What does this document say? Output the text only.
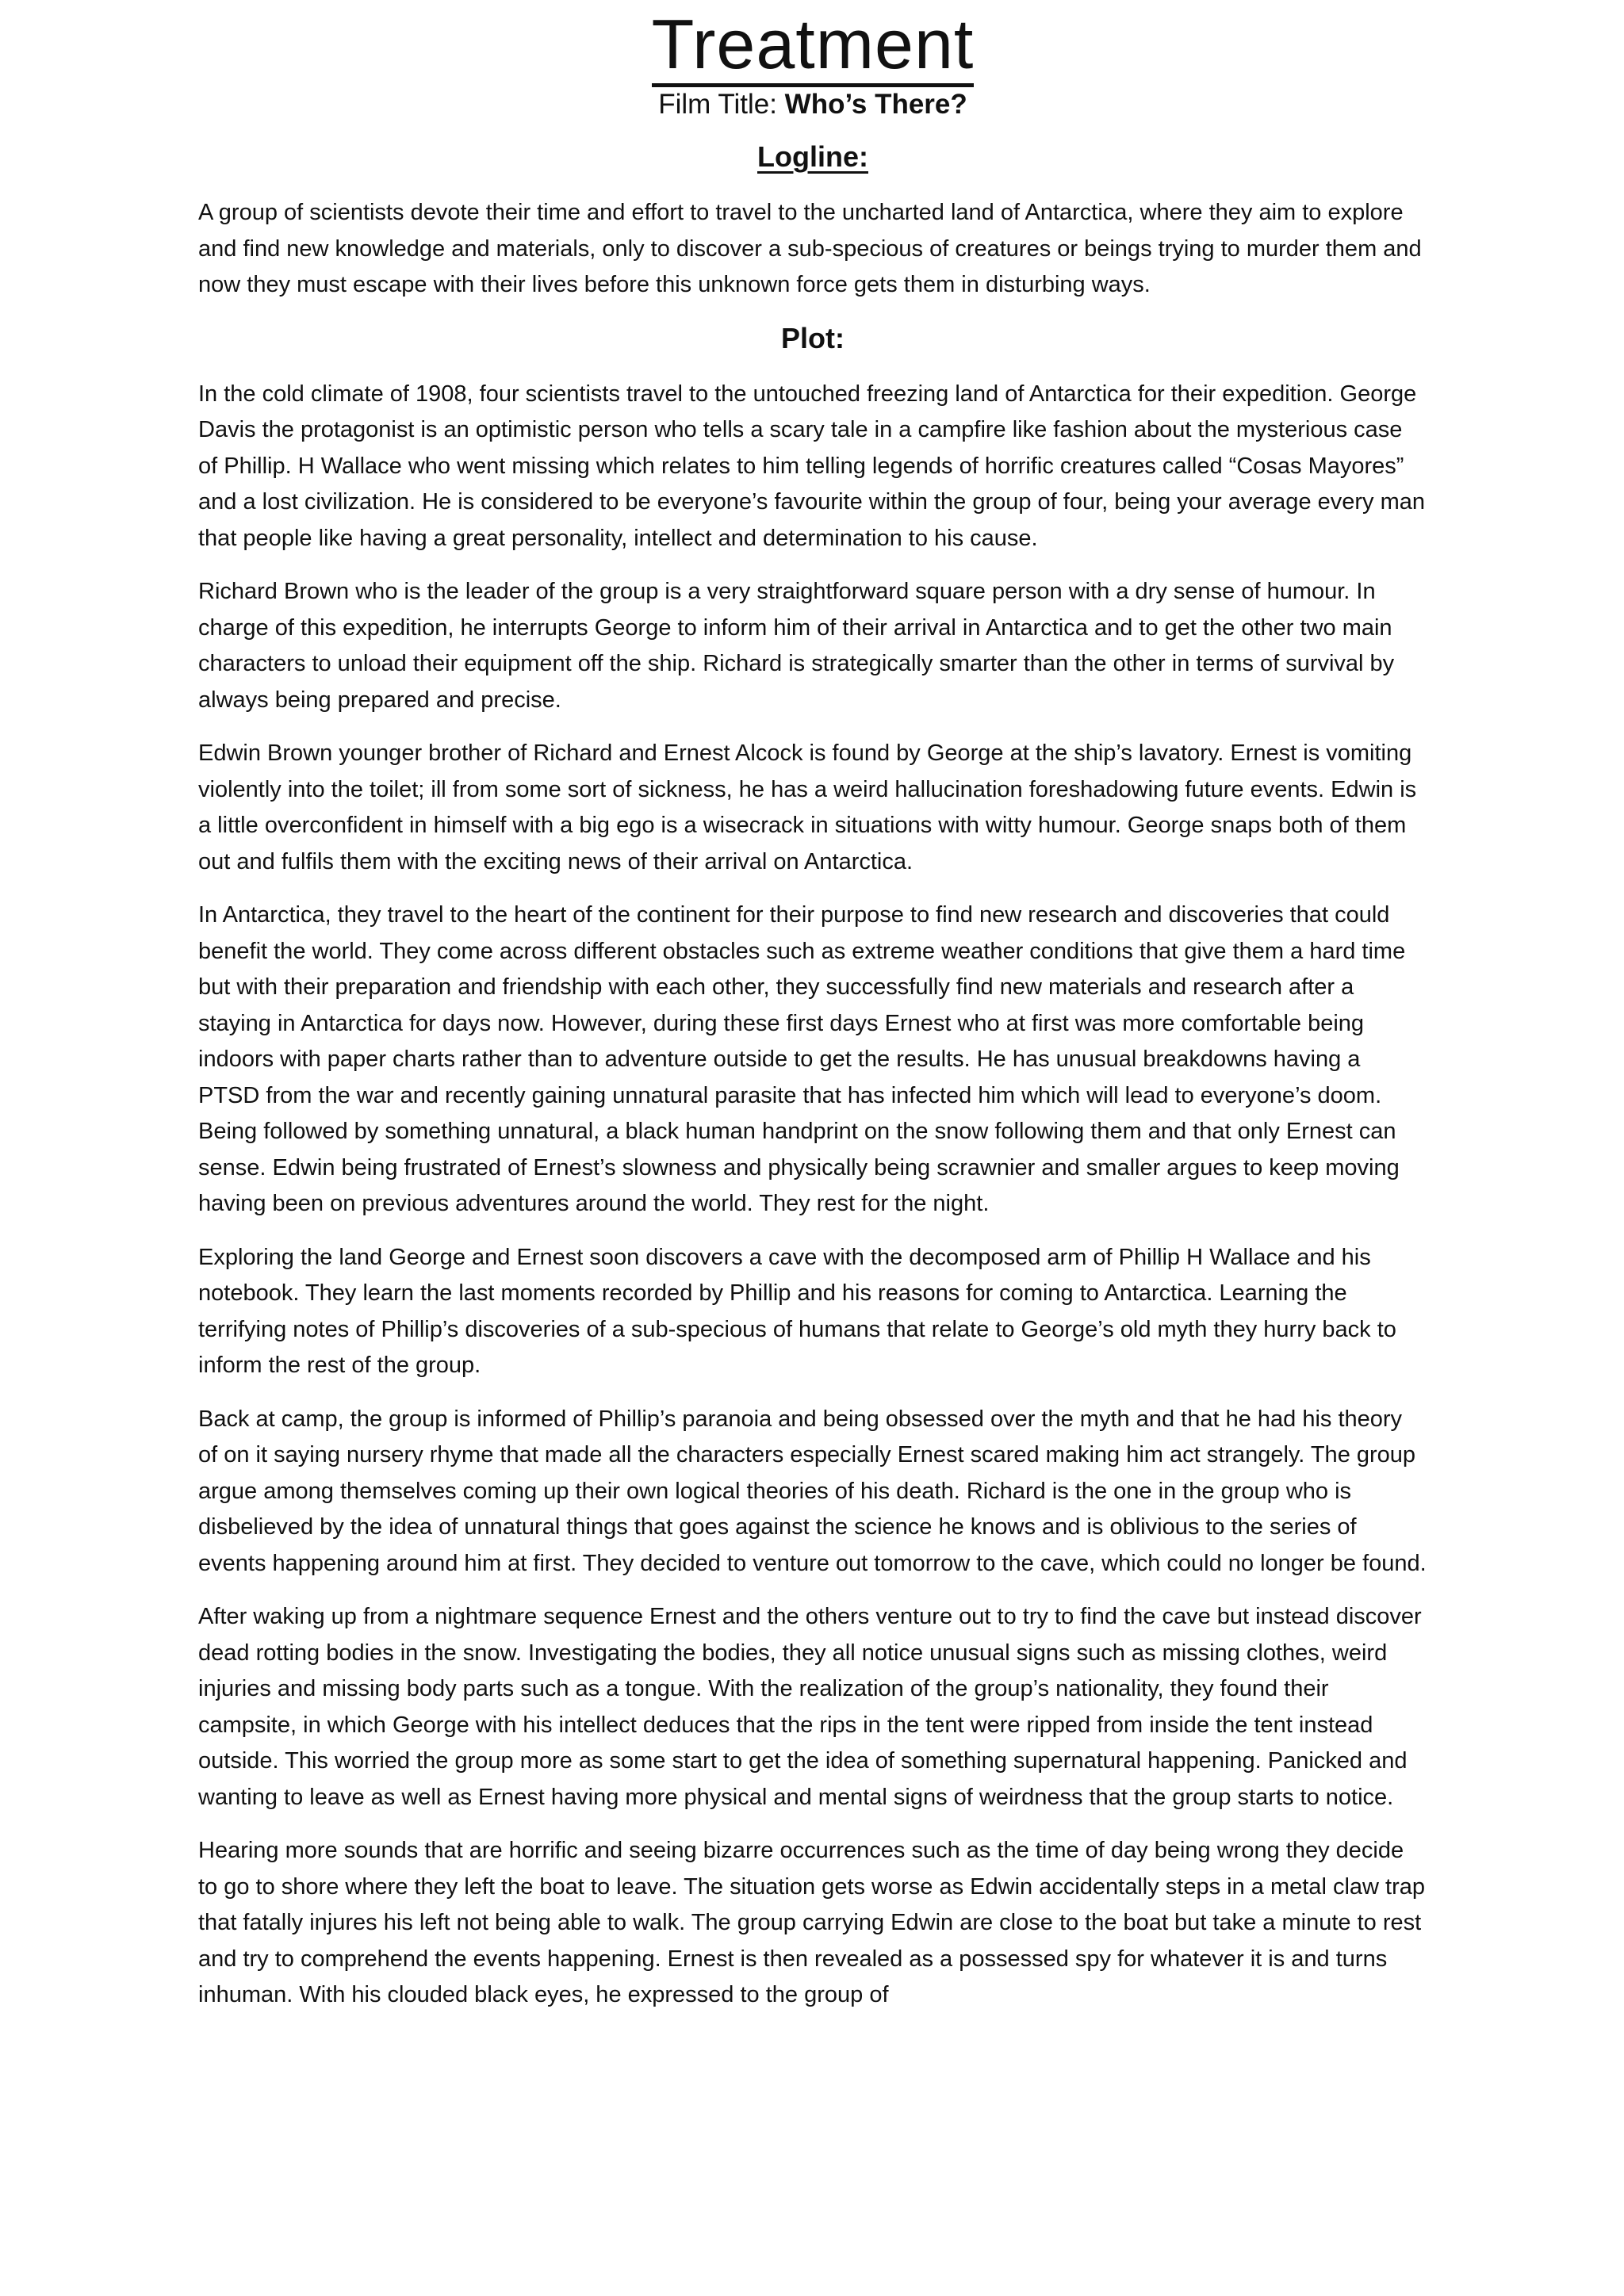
Treatment
Film Title: Who’s There?
Logline:

A group of scientists devote their time and effort to travel to the uncharted land of Antarctica, where they aim to explore and find new knowledge and materials, only to discover a sub-specious of creatures or beings trying to murder them and now they must escape with their lives before this unknown force gets them in disturbing ways.

Plot:

In the cold climate of 1908, four scientists travel to the untouched freezing land of Antarctica for their expedition. George Davis the protagonist is an optimistic person who tells a scary tale in a campfire like fashion about the mysterious case of Phillip. H Wallace who went missing which relates to him telling legends of horrific creatures called “Cosas Mayores” and a lost civilization. He is considered to be everyone’s favourite within the group of four, being your average every man that people like having a great personality, intellect and determination to his cause.

Richard Brown who is the leader of the group is a very straightforward square person with a dry sense of humour. In charge of this expedition, he interrupts George to inform him of their arrival in Antarctica and to get the other two main characters to unload their equipment off the ship. Richard is strategically smarter than the other in terms of survival by always being prepared and precise.

Edwin Brown younger brother of Richard and Ernest Alcock is found by George at the ship’s lavatory. Ernest is vomiting violently into the toilet; ill from some sort of sickness, he has a weird hallucination foreshadowing future events. Edwin is a little overconfident in himself with a big ego is a wisecrack in situations with witty humour. George snaps both of them out and fulfils them with the exciting news of their arrival on Antarctica.

In Antarctica, they travel to the heart of the continent for their purpose to find new research and discoveries that could benefit the world. They come across different obstacles such as extreme weather conditions that give them a hard time but with their preparation and friendship with each other, they successfully find new materials and research after a staying in Antarctica for days now. However, during these first days Ernest who at first was more comfortable being indoors with paper charts rather than to adventure outside to get the results. He has unusual breakdowns having a PTSD from the war and recently gaining unnatural parasite that has infected him which will lead to everyone’s doom. Being followed by something unnatural, a black human handprint on the snow following them and that only Ernest can sense. Edwin being frustrated of Ernest’s slowness and physically being scrawnier and smaller argues to keep moving having been on previous adventures around the world. They rest for the night.

Exploring the land George and Ernest soon discovers a cave with the decomposed arm of Phillip H Wallace and his notebook. They learn the last moments recorded by Phillip and his reasons for coming to Antarctica. Learning the terrifying notes of Phillip’s discoveries of a sub-specious of humans that relate to George’s old myth they hurry back to inform the rest of the group.

Back at camp, the group is informed of Phillip’s paranoia and being obsessed over the myth and that he had his theory of on it saying nursery rhyme that made all the characters especially Ernest scared making him act strangely. The group argue among themselves coming up their own logical theories of his death. Richard is the one in the group who is disbelieved by the idea of unnatural things that goes against the science he knows and is oblivious to the series of events happening around him at first. They decided to venture out tomorrow to the cave, which could no longer be found.

After waking up from a nightmare sequence Ernest and the others venture out to try to find the cave but instead discover dead rotting bodies in the snow. Investigating the bodies, they all notice unusual signs such as missing clothes, weird injuries and missing body parts such as a tongue. With the realization of the group’s nationality, they found their campsite, in which George with his intellect deduces that the rips in the tent were ripped from inside the tent instead outside. This worried the group more as some start to get the idea of something supernatural happening. Panicked and wanting to leave as well as Ernest having more physical and mental signs of weirdness that the group starts to notice.

Hearing more sounds that are horrific and seeing bizarre occurrences such as the time of day being wrong they decide to go to shore where they left the boat to leave. The situation gets worse as Edwin accidentally steps in a metal claw trap that fatally injures his left not being able to walk. The group carrying Edwin are close to the boat but take a minute to rest and try to comprehend the events happening. Ernest is then revealed as a possessed spy for whatever it is and turns inhuman. With his clouded black eyes, he expressed to the group of
